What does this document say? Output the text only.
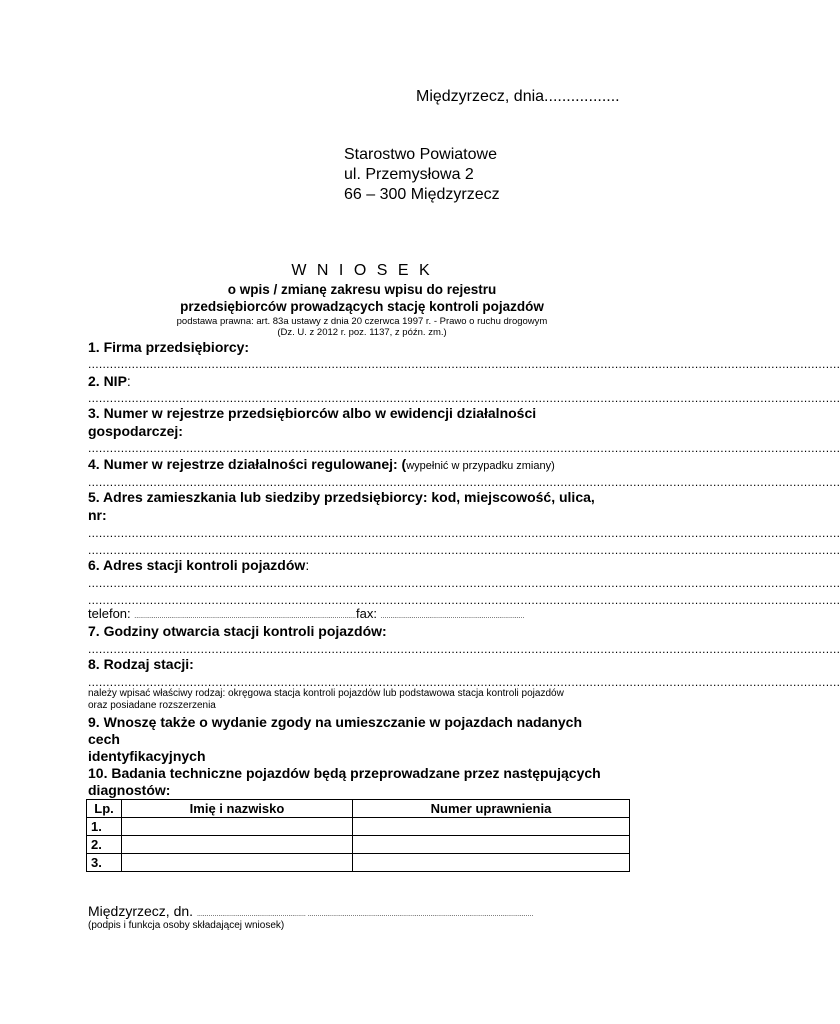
Międzyrzecz, dnia.................
Starostwo Powiatowe
ul. Przemysłowa 2
66 – 300 Międzyrzecz
W N I O S E K
o wpis / zmianę zakresu wpisu do rejestru
przedsiębiorców prowadzących stację kontroli pojazdów
podstawa prawna: art. 83a ustawy z dnia 20 czerwca 1997 r. - Prawo o ruchu drogowym
(Dz. U. z 2012 r. poz. 1137, z późn. zm.)
1. Firma przedsiębiorcy:
...............................................................................................................................................................................................................
2. NIP:
...............................................................................................................................................................................................................
3. Numer w rejestrze przedsiębiorców albo w ewidencji działalności
gospodarczej:
...............................................................................................................................................................................................................
4. Numer w rejestrze działalności regulowanej: (wypełnić w przypadku zmiany)
...............................................................................................................................................................................................................
5. Adres zamieszkania lub siedziby przedsiębiorcy: kod, miejscowość, ulica,
nr:
...............................................................................................................................................................................................................
...............................................................................................................................................................................................................
6. Adres stacji kontroli pojazdów:
...............................................................................................................................................................................................................
...............................................................................................................................................................................................................
telefon: ..................................................................................................................fax: ..........................................................................
7. Godziny otwarcia stacji kontroli pojazdów:
...............................................................................................................................................................................................................
8. Rodzaj stacji:
...............................................................................................................................................................................................................
należy wpisać właściwy rodzaj: okręgowa stacja kontroli pojazdów lub podstawowa stacja kontroli pojazdów
oraz posiadane rozszerzenia
9. Wnoszę także o wydanie zgody na umieszczanie w pojazdach nadanych
cech
identyfikacyjnych
10. Badania techniczne pojazdów będą przeprowadzane przez następujących
diagnostów:
Lp.	Imię i nazwisko	Numer uprawnienia
1.		
2.		
3.		
Międzyrzecz, dn. ........................................................ ....................................................................................................................
(podpis i funkcja osoby składającej wniosek)
